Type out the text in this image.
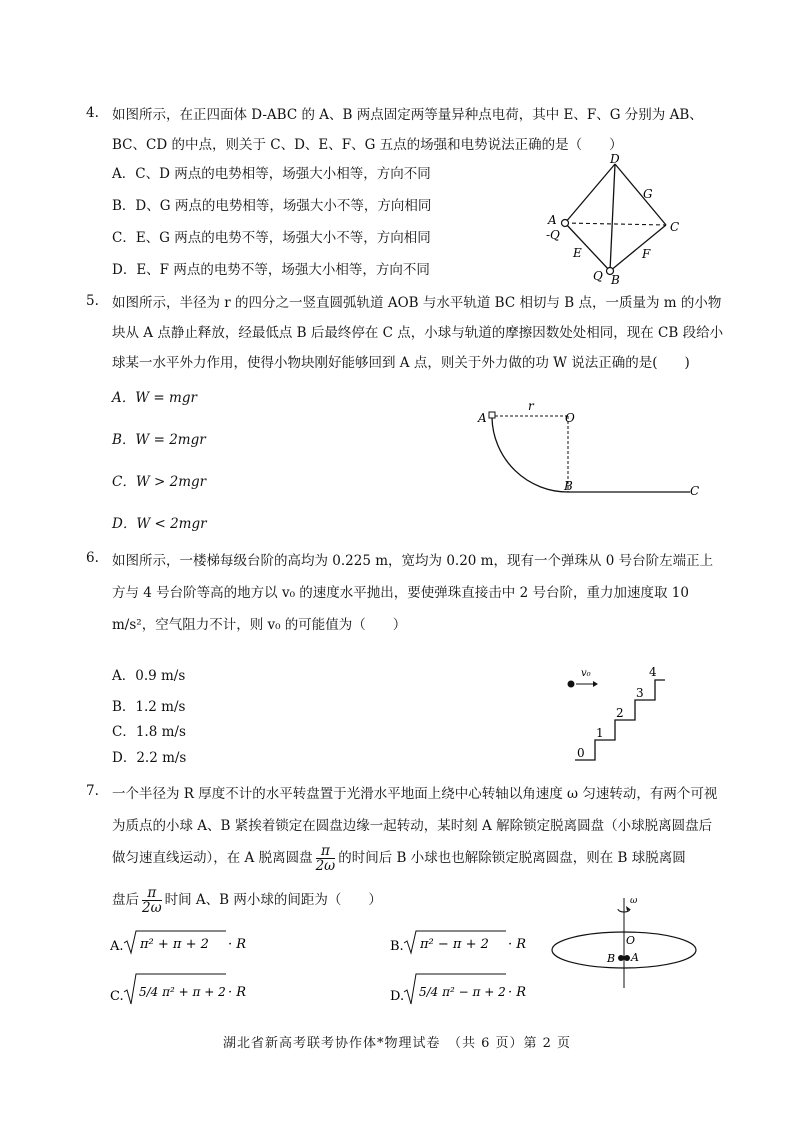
4. 如图所示，在正四面体 D-ABC 的 A、B 两点固定两等量异种点电荷，其中 E、F、G 分别为 AB、BC、CD 的中点，则关于 C、D、E、F、G 五点的场强和电势说法正确的是（　　）
A．C、D 两点的电势相等，场强大小相等，方向不同
B．D、G 两点的电势相等，场强大小不等，方向相同
C．E、G 两点的电势不等，场强大小不等，方向相同
D．E、F 两点的电势不等，场强大小相等，方向不同
D
G
A
-Q
C
E	F
Q B
5. 如图所示，半径为 r 的四分之一竖直圆弧轨道 AOB 与水平轨道 BC 相切与 B 点，一质量为 m 的小物块从 A 点静止释放，经最低点 B 后最终停在 C 点，小球与轨道的摩擦因数处处相同，现在 CB 段给小球某一水平外力作用，使得小物块刚好能够回到 A 点，则关于外力做的功 W 说法正确的是(　　)
A．W = mgr
B．W = 2mgr
C．W > 2mgr
D．W < 2mgr
A
r
O
B	C
6. 如图所示，一楼梯每级台阶的高均为 0.225 m，宽均为 0.20 m，现有一个弹珠从 0 号台阶左端正上方与 4 号台阶等高的地方以 v₀ 的速度水平抛出，要使弹珠直接击中 2 号台阶，重力加速度取 10 m/s²，空气阻力不计，则 v₀ 的可能值为（　　）
A．0.9 m/s
B．1.2 m/s
C．1.8 m/s
D．2.2 m/s
v₀
0
1
2
3
4
7. 一个半径为 R 厚度不计的水平转盘置于光滑水平地面上绕中心转轴以角速度 ω 匀速转动，有两个可视为质点的小球 A、B 紧挨着锁定在圆盘边缘一起转动，某时刻 A 解除锁定脱离圆盘（小球脱离圆盘后做匀速直线运动），在 A 脱离圆盘 $\frac{\pi}{2\omega}$ 的时间后 B 小球也也解除锁定脱离圆盘，则在 B 球脱离圆
盘后 $\frac{\pi}{2\omega}$ 时间 A、B 两小球的间距为（　　）
A. π² + π + 2 · R	B. π² − π + 2 · R
C. 5/4 π² + π + 2 · R	D. 5/4 π² − π + 2 · R
ω
O
B A
湖北省新高考联考协作体*物理试卷　（共 6 页）第 2 页
